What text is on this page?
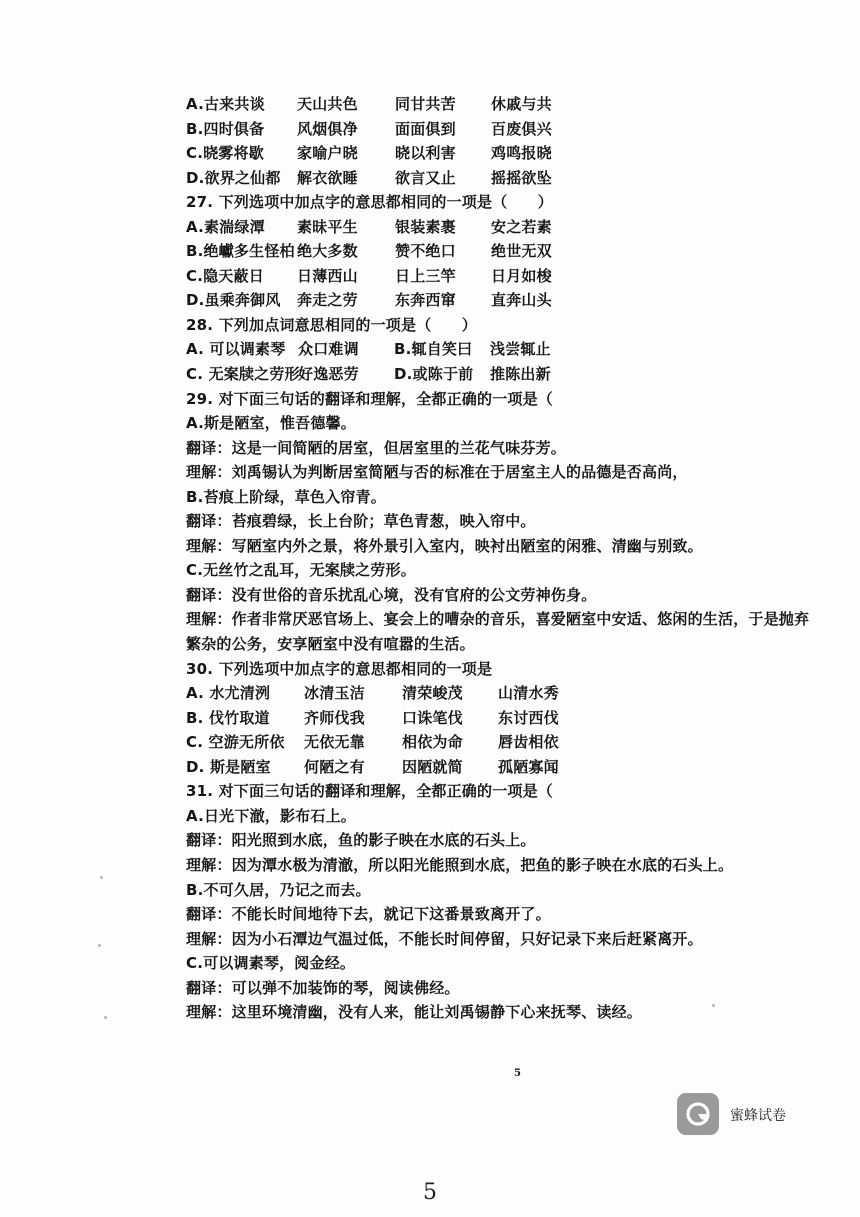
A.古来共谈 天山共色 同甘共苦 休戚与共
B.四时俱备 风烟俱净 面面俱到 百废俱兴
C.晓雾将歇 家喻户晓 晓以利害 鸡鸣报晓
D.欲界之仙都 解衣欲睡 欲言又止 摇摇欲坠
27. 下列选项中加点字的意思都相同的一项是（　　）
A.素湍绿潭 素昧平生 银装素裹 安之若素
B.绝巘多生怪柏 绝大多数 赞不绝口 绝世无双
C.隐天蔽日 日薄西山 日上三竿 日月如梭
D.虽乘奔御风 奔走之劳 东奔西窜 直奔山头
28. 下列加点词意思相同的一项是（　　）
A. 可以调素琴 众口难调 B.辄自笑曰 浅尝辄止
C. 无案牍之劳形好逸恶劳 D.或陈于前 推陈出新
29. 对下面三句话的翻译和理解，全都正确的一项是（
A.斯是陋室，惟吾德馨。
翻译：这是一间简陋的居室，但居室里的兰花气味芬芳。
理解：刘禹锡认为判断居室简陋与否的标准在于居室主人的品德是否高尚，
B.苔痕上阶绿，草色入帘青。
翻译：苔痕碧绿，长上台阶；草色青葱，映入帘中。
理解：写陋室内外之景，将外景引入室内，映衬出陋室的闲雅、清幽与别致。
C.无丝竹之乱耳，无案牍之劳形。
翻译：没有世俗的音乐扰乱心境，没有官府的公文劳神伤身。
理解：作者非常厌恶官场上、宴会上的嘈杂的音乐，喜爱陋室中安适、悠闲的生活，于是抛弃
繁杂的公务，安享陋室中没有喧嚣的生活。
30. 下列选项中加点字的意思都相同的一项是
A. 水尤清洌 冰清玉洁 清荣峻茂 山清水秀
B. 伐竹取道 齐师伐我 口诛笔伐 东讨西伐
C. 空游无所依 无依无靠 相依为命 唇齿相依
D. 斯是陋室 何陋之有 因陋就简 孤陋寡闻
31. 对下面三句话的翻译和理解，全都正确的一项是（
A.日光下澈，影布石上。
翻译：阳光照到水底，鱼的影子映在水底的石头上。
理解：因为潭水极为清澈，所以阳光能照到水底，把鱼的影子映在水底的石头上。
B.不可久居，乃记之而去。
翻译：不能长时间地待下去，就记下这番景致离开了。
理解：因为小石潭边气温过低，不能长时间停留，只好记录下来后赶紧离开。
C.可以调素琴，阅金经。
翻译：可以弹不加装饰的琴，阅读佛经。
理解：这里环境清幽，没有人来，能让刘禹锡静下心来抚琴、读经。
5
蜜蜂试卷
5
